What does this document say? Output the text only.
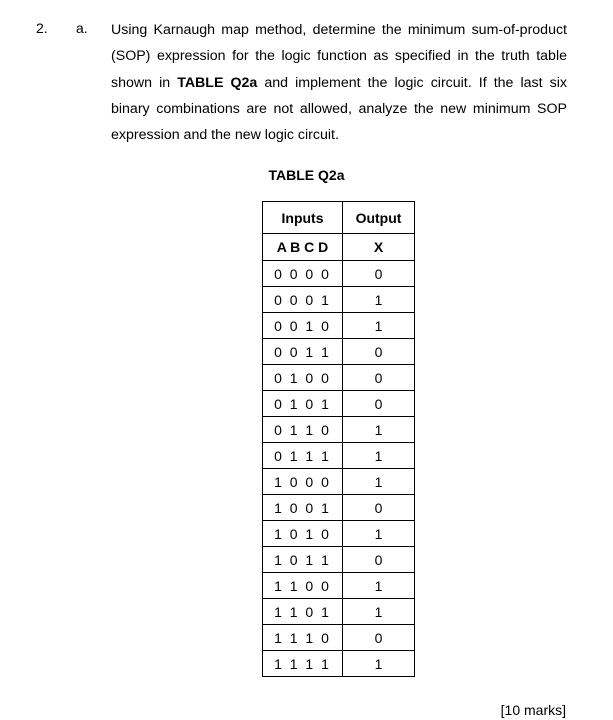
2. a. Using Karnaugh map method, determine the minimum sum-of-product (SOP) expression for the logic function as specified in the truth table shown in TABLE Q2a and implement the logic circuit. If the last six binary combinations are not allowed, analyze the new minimum SOP expression and the new logic circuit.

TABLE Q2a
Inputs	Output
A B C D	X
0 0 0 0	0
0 0 0 1	1
0 0 1 0	1
0 0 1 1	0
0 1 0 0	0
0 1 0 1	0
0 1 1 0	1
0 1 1 1	1
1 0 0 0	1
1 0 0 1	0
1 0 1 0	1
1 0 1 1	0
1 1 0 0	1
1 1 0 1	1
1 1 1 0	0
1 1 1 1	1
[10 marks]
